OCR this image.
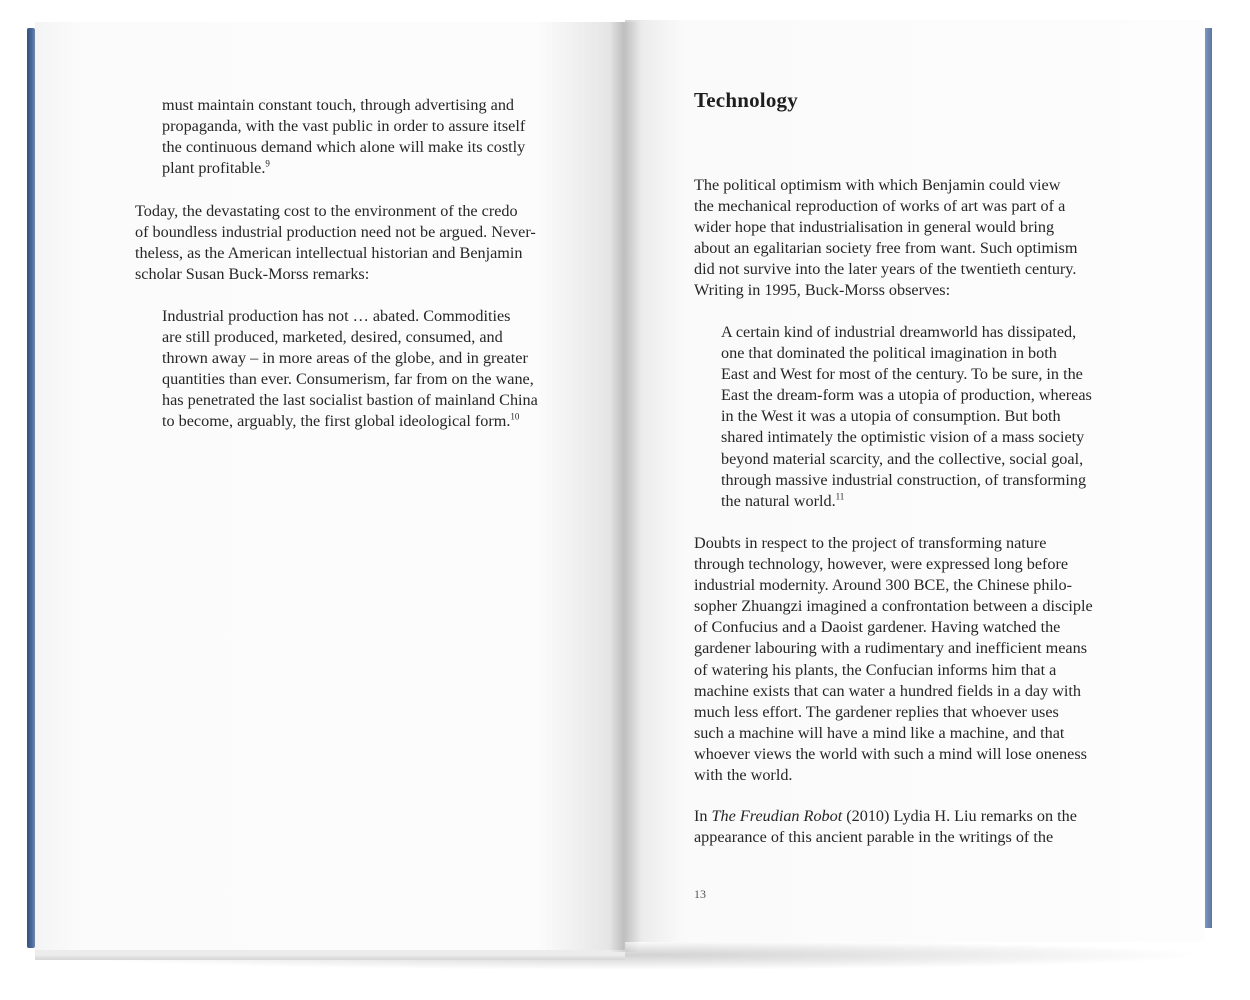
must maintain constant touch, through advertising and
propaganda, with the vast public in order to assure itself
the continuous demand which alone will make its costly
plant profitable.$^9$
Today, the devastating cost to the environment of the credo
of boundless industrial production need not be argued. Never-
theless, as the American intellectual historian and Benjamin
scholar Susan Buck-Morss remarks:
Industrial production has not … abated. Commodities
are still produced, marketed, desired, consumed, and
thrown away – in more areas of the globe, and in greater
quantities than ever. Consumerism, far from on the wane,
has penetrated the last socialist bastion of mainland China
to become, arguably, the first global ideological form.$^{10}$
Technology
The political optimism with which Benjamin could view
the mechanical reproduction of works of art was part of a
wider hope that industrialisation in general would bring
about an egalitarian society free from want. Such optimism
did not survive into the later years of the twentieth century.
Writing in 1995, Buck-Morss observes:
A certain kind of industrial dreamworld has dissipated,
one that dominated the political imagination in both
East and West for most of the century. To be sure, in the
East the dream-form was a utopia of production, whereas
in the West it was a utopia of consumption. But both
shared intimately the optimistic vision of a mass society
beyond material scarcity, and the collective, social goal,
through massive industrial construction, of transforming
the natural world.$^{11}$
Doubts in respect to the project of transforming nature
through technology, however, were expressed long before
industrial modernity. Around 300 BCE, the Chinese philo-
sopher Zhuangzi imagined a confrontation between a disciple
of Confucius and a Daoist gardener. Having watched the
gardener labouring with a rudimentary and inefficient means
of watering his plants, the Confucian informs him that a
machine exists that can water a hundred fields in a day with
much less effort. The gardener replies that whoever uses
such a machine will have a mind like a machine, and that
whoever views the world with such a mind will lose oneness
with the world.
In The Freudian Robot (2010) Lydia H. Liu remarks on the
appearance of this ancient parable in the writings of the
13
